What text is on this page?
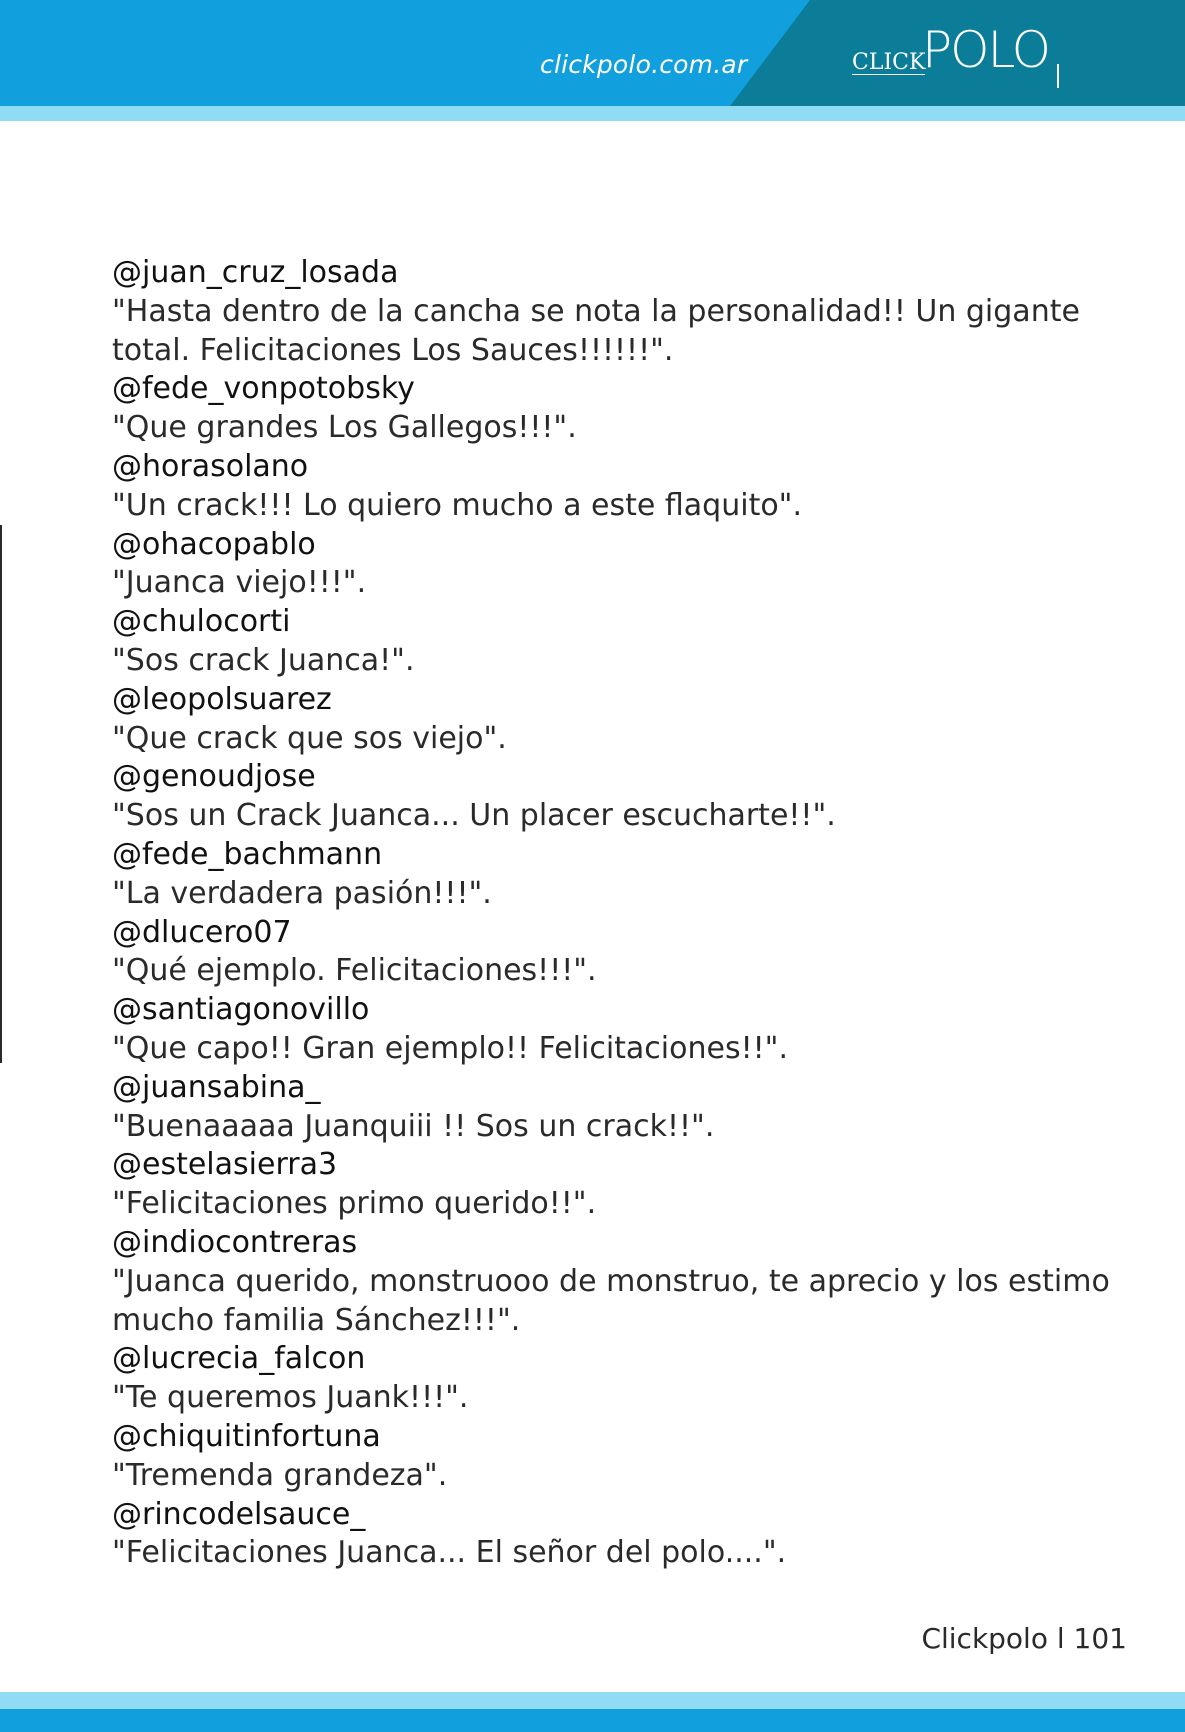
clickpolo.com.ar	CLICK
POLO
@juan_cruz_losada
"Hasta dentro de la cancha se nota la personalidad!! Un gigante total. Felicitaciones Los Sauces!!!!!!".
@fede_vonpotobsky
"Que grandes Los Gallegos!!!".
@horasolano
"Un crack!!! Lo quiero mucho a este flaquito".
@ohacopablo
"Juanca viejo!!!".
@chulocorti
"Sos crack Juanca!".
@leopolsuarez
"Que crack que sos viejo".
@genoudjose
"Sos un Crack Juanca... Un placer escucharte!!".
@fede_bachmann
"La verdadera pasión!!!".
@dlucero07
"Qué ejemplo. Felicitaciones!!!".
@santiagonovillo
"Que capo!! Gran ejemplo!! Felicitaciones!!".
@juansabina_
"Buenaaaaa Juanquiii !! Sos un crack!!".
@estelasierra3
"Felicitaciones primo querido!!".
@indiocontreras
"Juanca querido, monstruooo de monstruo, te aprecio y los estimo mucho familia Sánchez!!!".
@lucrecia_falcon
"Te queremos Juank!!!".
@chiquitinfortuna
"Tremenda grandeza".
@rincodelsauce_
"Felicitaciones Juanca... El señor del polo....".
Clickpolo l 101
